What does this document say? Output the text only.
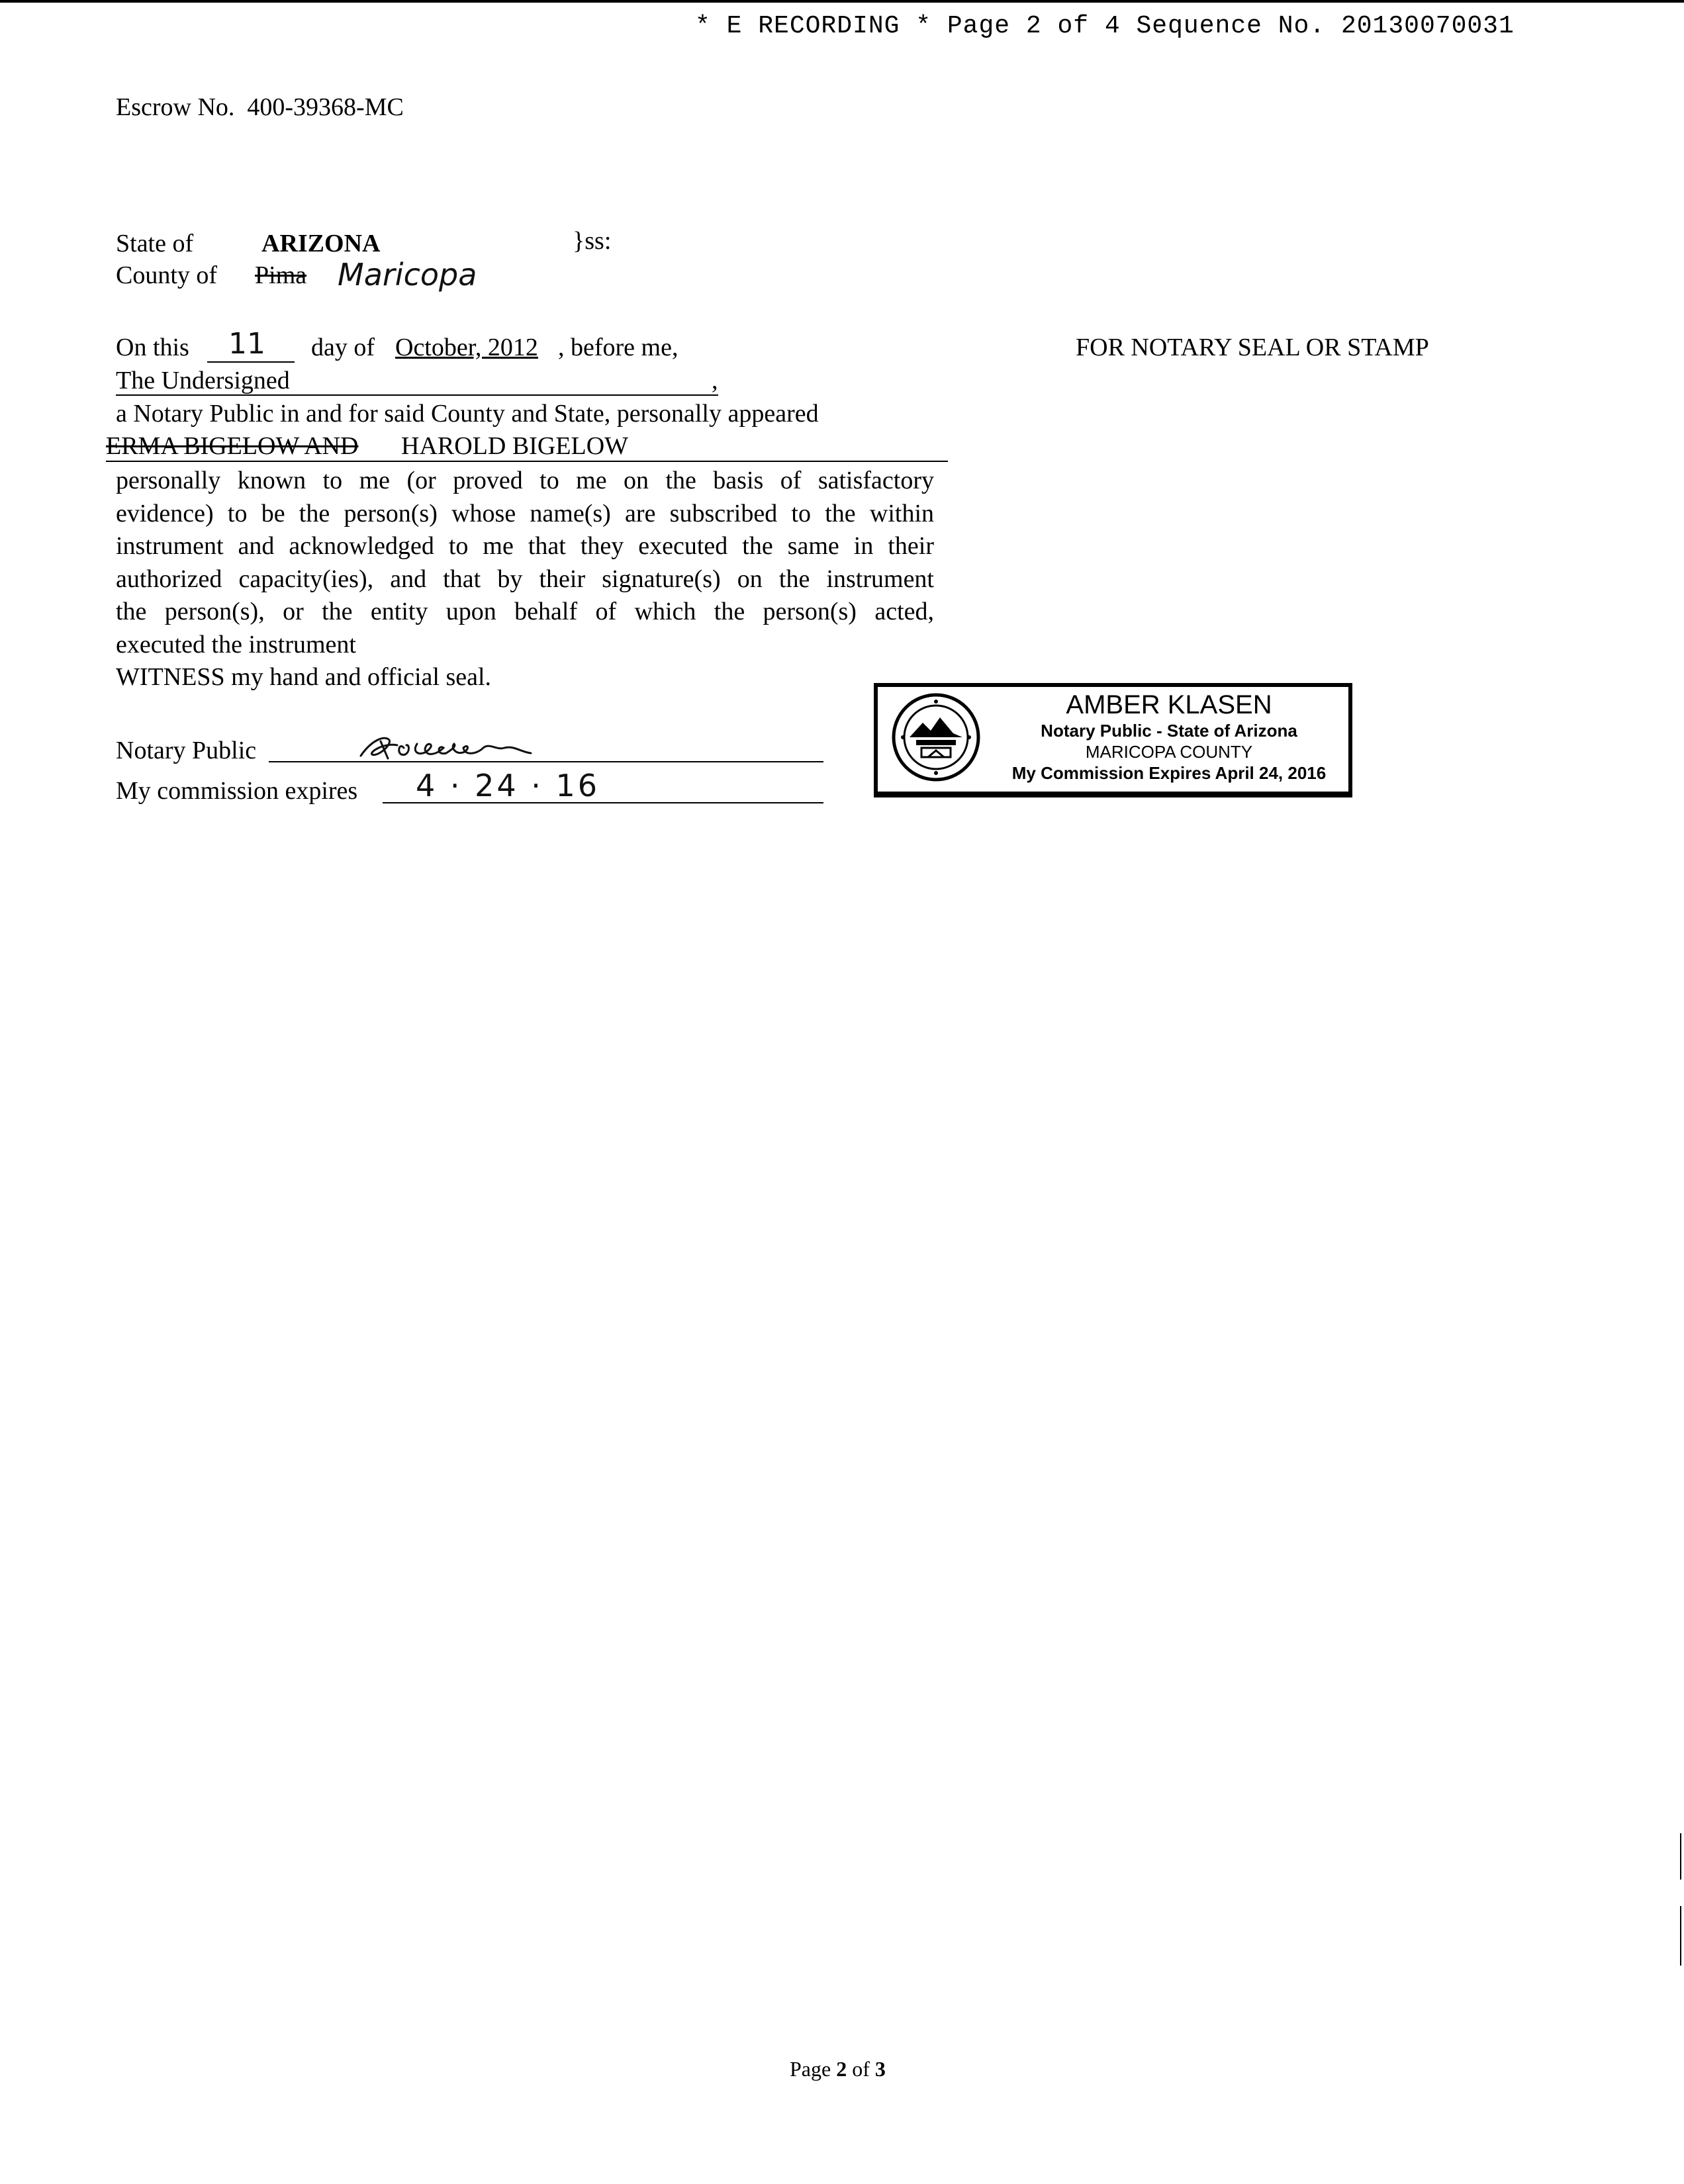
* E RECORDING * Page 2 of 4 Sequence No. 20130070031
Escrow No. 400-39368-MC
State of	ARIZONA	}ss:
County of Pima Maricopa
On this 11 day of October, 2012 , before me,	FOR NOTARY SEAL OR STAMP
The Undersigned	,
a Notary Public in and for said County and State, personally appeared
ERMA BIGELOW AND HAROLD BIGELOW
personally known to me (or proved to me on the basis of satisfactory
evidence) to be the person(s) whose name(s) are subscribed to the within
instrument and acknowledged to me that they executed the same in their
authorized capacity(ies), and that by their signature(s) on the instrument
the person(s), or the entity upon behalf of which the person(s) acted,
executed the instrument
WITNESS my hand and official seal.
Notary Public
My commission expires 4 · 24 · 16
AMBER KLASEN
Notary Public - State of Arizona
MARICOPA COUNTY
My Commission Expires April 24, 2016
Page 2 of 3
